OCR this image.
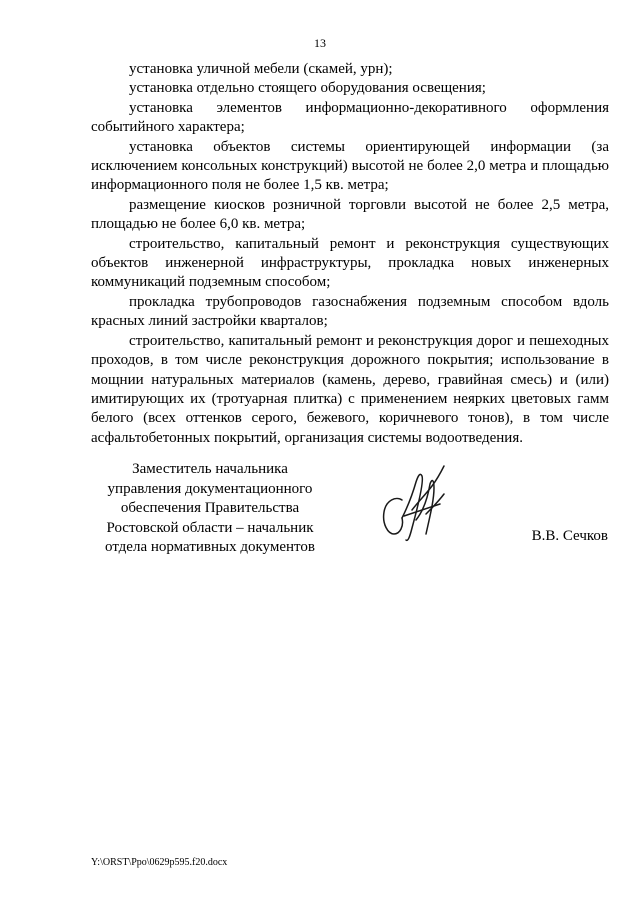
13

установка уличной мебели (скамей, урн);

установка отдельно стоящего оборудования освещения;

установка элементов информационно-декоративного оформления событийного характера;

установка объектов системы ориентирующей информации (за исключением консольных конструкций) высотой не более 2,0 метра и площадью информационного поля не более 1,5 кв. метра;

размещение киосков розничной торговли высотой не более 2,5 метра, площадью не более 6,0 кв. метра;

строительство, капитальный ремонт и реконструкция существующих объектов инженерной инфраструктуры, прокладка новых инженерных коммуникаций подземным способом;

прокладка трубопроводов газоснабжения подземным способом вдоль красных линий застройки кварталов;

строительство, капитальный ремонт и реконструкция дорог и пешеходных проходов, в том числе реконструкция дорожного покрытия; использование в мощнии натуральных материалов (камень, дерево, гравийная смесь) и (или) имитирующих их (тротуарная плитка) с применением неярких цветовых гамм белого (всех оттенков серого, бежевого, коричневого тонов), в том числе асфальтобетонных покрытий, организация системы водоотведения.

Заместитель начальника
управления документационного
обеспечения Правительства
Ростовской области – начальник
отдела нормативных документов
В.В. Сечков
Y:\ORST\Ppo\0629p595.f20.docx
